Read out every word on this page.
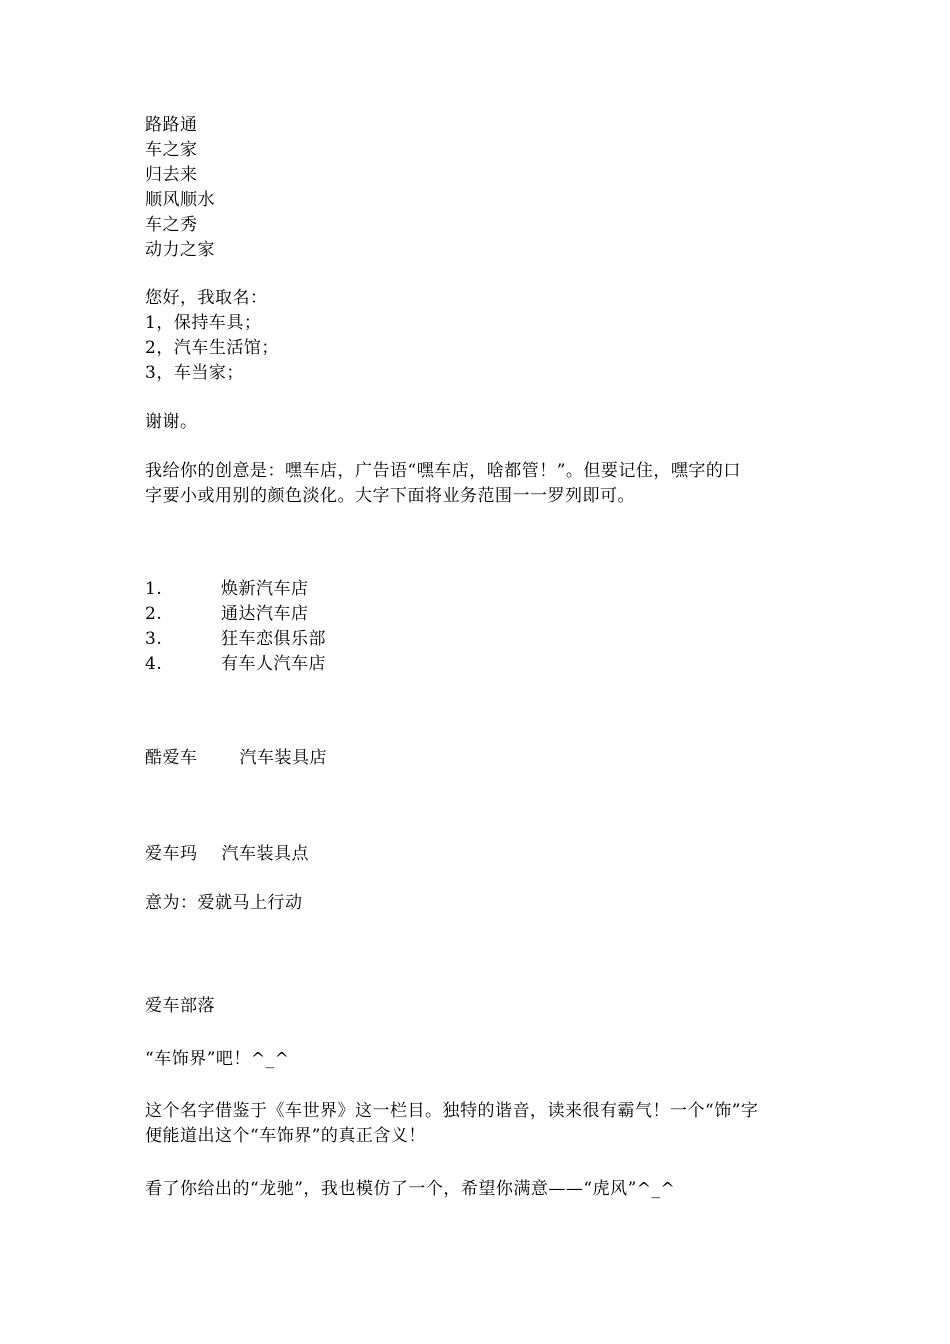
路路通
车之家
归去来
顺风顺水
车之秀
动力之家
您好，我取名：
1，保持车具；
2，汽车生活馆；
3，车当家；
谢谢。
我给你的创意是：嘿车店，广告语“嘿车店，啥都管！”。但要记住，嘿字的口
字要小或用别的颜色淡化。大字下面将业务范围一一罗列即可。
1.	焕新汽车店
2.	通达汽车店
3.	狂车恋俱乐部
4.	有车人汽车店
酷爱车 汽车装具店
爱车玛 汽车装具点
意为：爱就马上行动
爱车部落
“车饰界”吧！^_^
这个名字借鉴于《车世界》这一栏目。独特的谐音，读来很有霸气！一个“饰”字
便能道出这个“车饰界”的真正含义！
看了你给出的“龙驰”，我也模仿了一个，希望你满意——“虎风”^_^
